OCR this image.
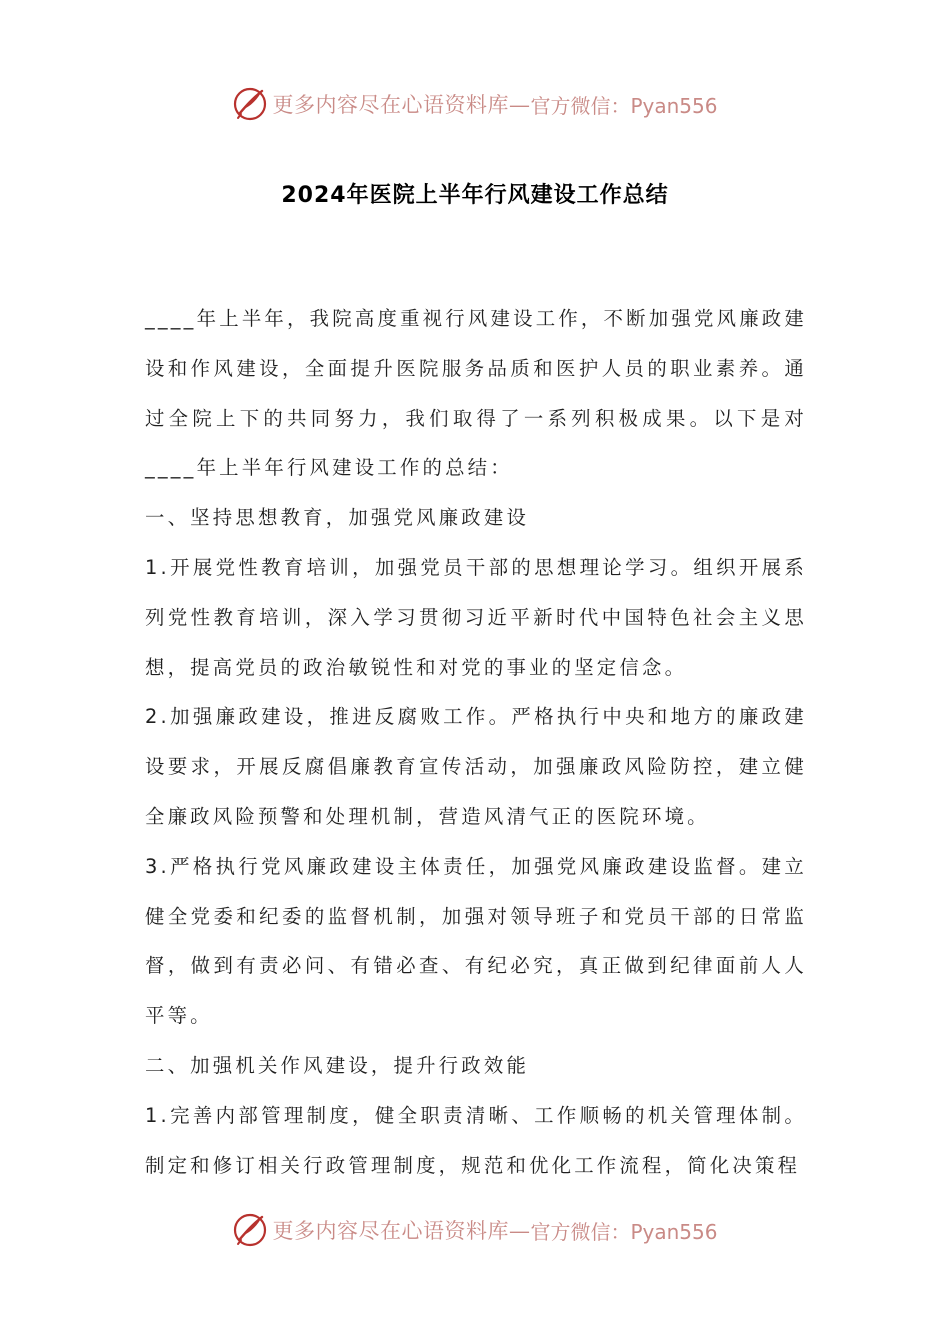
更多内容尽在心语资料库— 官方微信：Pyan556
2024年医院上半年行风建设工作总结

____年上半年，我院高度重视行风建设工作，不断加强党风廉政建设和作风建设，全面提升医院服务品质和医护人员的职业素养。通过全院上下的共同努力，我们取得了一系列积极成果。以下是对____年上半年行风建设工作的总结：

一、坚持思想教育，加强党风廉政建设

1.开展党性教育培训，加强党员干部的思想理论学习。组织开展系列党性教育培训，深入学习贯彻习近平新时代中国特色社会主义思想，提高党员的政治敏锐性和对党的事业的坚定信念。

2.加强廉政建设，推进反腐败工作。严格执行中央和地方的廉政建设要求，开展反腐倡廉教育宣传活动，加强廉政风险防控，建立健全廉政风险预警和处理机制，营造风清气正的医院环境。

3.严格执行党风廉政建设主体责任，加强党风廉政建设监督。建立健全党委和纪委的监督机制，加强对领导班子和党员干部的日常监督，做到有责必问、有错必查、有纪必究，真正做到纪律面前人人平等。

二、加强机关作风建设，提升行政效能

1.完善内部管理制度，健全职责清晰、工作顺畅的机关管理体制。制定和修订相关行政管理制度，规范和优化工作流程，简化决策程

更多内容尽在心语资料库— 官方微信：Pyan556
